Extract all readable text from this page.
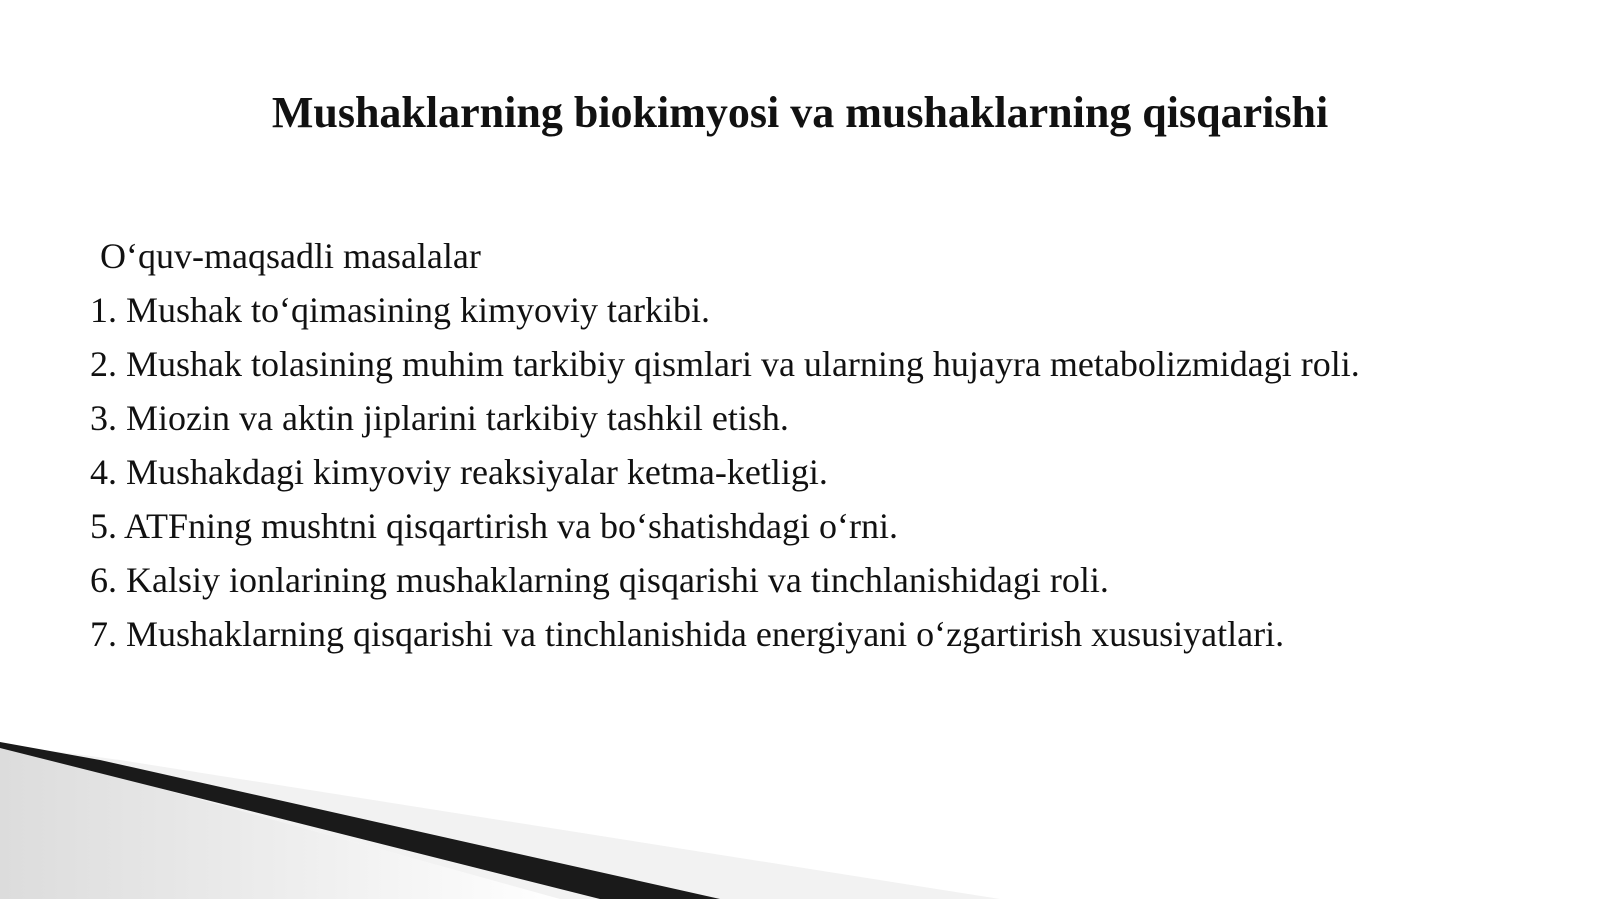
Mushaklarning biokimyosi va mushaklarning qisqarishi

O‘quv-maqsadli masalalar

1. Mushak to‘qimasining kimyoviy tarkibi.

2. Mushak tolasining muhim tarkibiy qismlari va ularning hujayra metabolizmidagi roli.

3. Miozin va aktin jiplarini tarkibiy tashkil etish.

4. Mushakdagi kimyoviy reaksiyalar ketma-ketligi.

5. ATFning mushtni qisqartirish va bo‘shatishdagi o‘rni.

6. Kalsiy ionlarining mushaklarning qisqarishi va tinchlanishidagi roli.

7. Mushaklarning qisqarishi va tinchlanishida energiyani o‘zgartirish xususiyatlari.
